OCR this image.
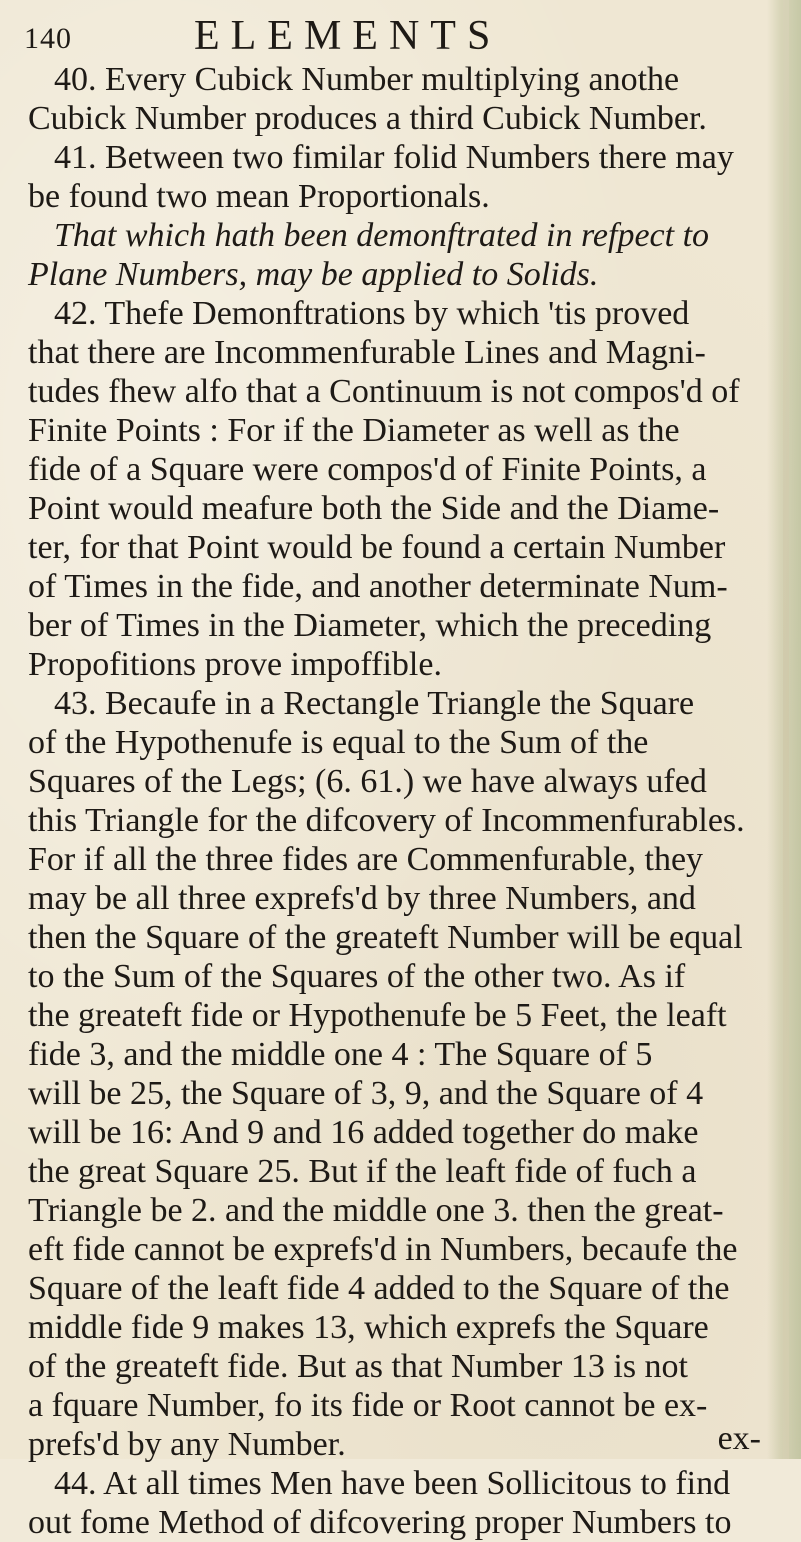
140	ELEMENTS
40. Every Cubick Number multiplying anothe
Cubick Number produces a third Cubick Number.
41. Between two fimilar folid Numbers there may
be found two mean Proportionals.
That which hath been demonftrated in refpect to
Plane Numbers, may be applied to Solids.
42. Thefe Demonftrations by which 'tis proved
that there are Incommenfurable Lines and Magni-
tudes fhew alfo that a Continuum is not compos'd of
Finite Points : For if the Diameter as well as the
fide of a Square were compos'd of Finite Points, a
Point would meafure both the Side and the Diame-
ter, for that Point would be found a certain Number
of Times in the fide, and another determinate Num-
ber of Times in the Diameter, which the preceding
Propofitions prove impoffible.
43. Becaufe in a Rectangle Triangle the Square
of the Hypothenufe is equal to the Sum of the
Squares of the Legs; (6. 61.) we have always ufed
this Triangle for the difcovery of Incommenfurables.
For if all the three fides are Commenfurable, they
may be all three exprefs'd by three Numbers, and
then the Square of the greateft Number will be equal
to the Sum of the Squares of the other two. As if
the greateft fide or Hypothenufe be 5 Feet, the leaft
fide 3, and the middle one 4 : The Square of 5
will be 25, the Square of 3, 9, and the Square of 4
will be 16: And 9 and 16 added together do make
the great Square 25. But if the leaft fide of fuch a
Triangle be 2. and the middle one 3. then the great-
eft fide cannot be exprefs'd in Numbers, becaufe the
Square of the leaft fide 4 added to the Square of the
middle fide 9 makes 13, which exprefs the Square
of the greateft fide. But as that Number 13 is not
a fquare Number, fo its fide or Root cannot be ex-
prefs'd by any Number.
44. At all times Men have been Sollicitous to find
out fome Method of difcovering proper Numbers to
ex-
